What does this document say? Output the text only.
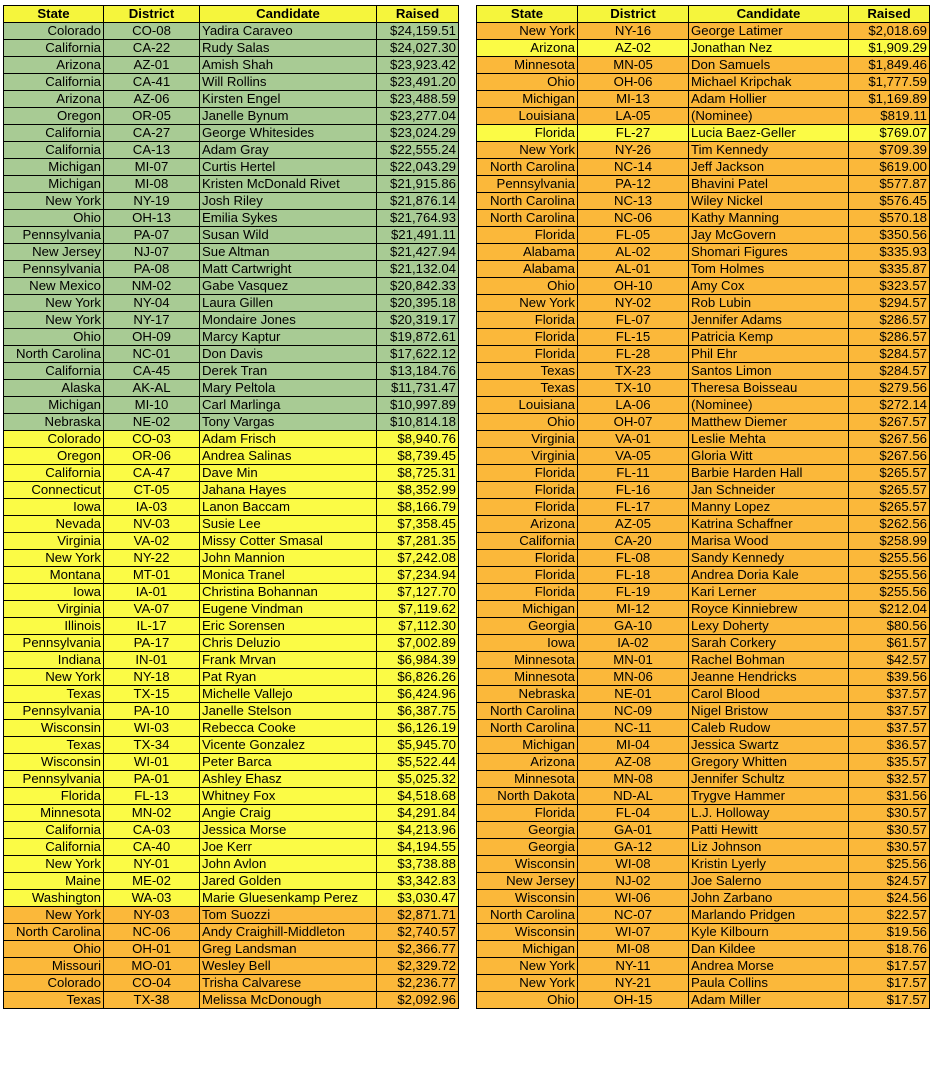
State	District	Candidate	Raised
Colorado	CO-08	Yadira Caraveo	$24,159.51
California	CA-22	Rudy Salas	$24,027.30
Arizona	AZ-01	Amish Shah	$23,923.42
California	CA-41	Will Rollins	$23,491.20
Arizona	AZ-06	Kirsten Engel	$23,488.59
Oregon	OR-05	Janelle Bynum	$23,277.04
California	CA-27	George Whitesides	$23,024.29
California	CA-13	Adam Gray	$22,555.24
Michigan	MI-07	Curtis Hertel	$22,043.29
Michigan	MI-08	Kristen McDonald Rivet	$21,915.86
New York	NY-19	Josh Riley	$21,876.14
Ohio	OH-13	Emilia Sykes	$21,764.93
Pennsylvania	PA-07	Susan Wild	$21,491.11
New Jersey	NJ-07	Sue Altman	$21,427.94
Pennsylvania	PA-08	Matt Cartwright	$21,132.04
New Mexico	NM-02	Gabe Vasquez	$20,842.33
New York	NY-04	Laura Gillen	$20,395.18
New York	NY-17	Mondaire Jones	$20,319.17
Ohio	OH-09	Marcy Kaptur	$19,872.61
North Carolina	NC-01	Don Davis	$17,622.12
California	CA-45	Derek Tran	$13,184.76
Alaska	AK-AL	Mary Peltola	$11,731.47
Michigan	MI-10	Carl Marlinga	$10,997.89
Nebraska	NE-02	Tony Vargas	$10,814.18
Colorado	CO-03	Adam Frisch	$8,940.76
Oregon	OR-06	Andrea Salinas	$8,739.45
California	CA-47	Dave Min	$8,725.31
Connecticut	CT-05	Jahana Hayes	$8,352.99
Iowa	IA-03	Lanon Baccam	$8,166.79
Nevada	NV-03	Susie Lee	$7,358.45
Virginia	VA-02	Missy Cotter Smasal	$7,281.35
New York	NY-22	John Mannion	$7,242.08
Montana	MT-01	Monica Tranel	$7,234.94
Iowa	IA-01	Christina Bohannan	$7,127.70
Virginia	VA-07	Eugene Vindman	$7,119.62
Illinois	IL-17	Eric Sorensen	$7,112.30
Pennsylvania	PA-17	Chris Deluzio	$7,002.89
Indiana	IN-01	Frank Mrvan	$6,984.39
New York	NY-18	Pat Ryan	$6,826.26
Texas	TX-15	Michelle Vallejo	$6,424.96
Pennsylvania	PA-10	Janelle Stelson	$6,387.75
Wisconsin	WI-03	Rebecca Cooke	$6,126.19
Texas	TX-34	Vicente Gonzalez	$5,945.70
Wisconsin	WI-01	Peter Barca	$5,522.44
Pennsylvania	PA-01	Ashley Ehasz	$5,025.32
Florida	FL-13	Whitney Fox	$4,518.68
Minnesota	MN-02	Angie Craig	$4,291.84
California	CA-03	Jessica Morse	$4,213.96
California	CA-40	Joe Kerr	$4,194.55
New York	NY-01	John Avlon	$3,738.88
Maine	ME-02	Jared Golden	$3,342.83
Washington	WA-03	Marie Gluesenkamp Perez	$3,030.47
New York	NY-03	Tom Suozzi	$2,871.71
North Carolina	NC-06	Andy Craighill-Middleton	$2,740.57
Ohio	OH-01	Greg Landsman	$2,366.77
Missouri	MO-01	Wesley Bell	$2,329.72
Colorado	CO-04	Trisha Calvarese	$2,236.77
Texas	TX-38	Melissa McDonough	$2,092.96
State	District	Candidate	Raised
New York	NY-16	George Latimer	$2,018.69
Arizona	AZ-02	Jonathan Nez	$1,909.29
Minnesota	MN-05	Don Samuels	$1,849.46
Ohio	OH-06	Michael Kripchak	$1,777.59
Michigan	MI-13	Adam Hollier	$1,169.89
Louisiana	LA-05	(Nominee)	$819.11
Florida	FL-27	Lucia Baez-Geller	$769.07
New York	NY-26	Tim Kennedy	$709.39
North Carolina	NC-14	Jeff Jackson	$619.00
Pennsylvania	PA-12	Bhavini Patel	$577.87
North Carolina	NC-13	Wiley Nickel	$576.45
North Carolina	NC-06	Kathy Manning	$570.18
Florida	FL-05	Jay McGovern	$350.56
Alabama	AL-02	Shomari Figures	$335.93
Alabama	AL-01	Tom Holmes	$335.87
Ohio	OH-10	Amy Cox	$323.57
New York	NY-02	Rob Lubin	$294.57
Florida	FL-07	Jennifer Adams	$286.57
Florida	FL-15	Patricia Kemp	$286.57
Florida	FL-28	Phil Ehr	$284.57
Texas	TX-23	Santos Limon	$284.57
Texas	TX-10	Theresa Boisseau	$279.56
Louisiana	LA-06	(Nominee)	$272.14
Ohio	OH-07	Matthew Diemer	$267.57
Virginia	VA-01	Leslie Mehta	$267.56
Virginia	VA-05	Gloria Witt	$267.56
Florida	FL-11	Barbie Harden Hall	$265.57
Florida	FL-16	Jan Schneider	$265.57
Florida	FL-17	Manny Lopez	$265.57
Arizona	AZ-05	Katrina Schaffner	$262.56
California	CA-20	Marisa Wood	$258.99
Florida	FL-08	Sandy Kennedy	$255.56
Florida	FL-18	Andrea Doria Kale	$255.56
Florida	FL-19	Kari Lerner	$255.56
Michigan	MI-12	Royce Kinniebrew	$212.04
Georgia	GA-10	Lexy Doherty	$80.56
Iowa	IA-02	Sarah Corkery	$61.57
Minnesota	MN-01	Rachel Bohman	$42.57
Minnesota	MN-06	Jeanne Hendricks	$39.56
Nebraska	NE-01	Carol Blood	$37.57
North Carolina	NC-09	Nigel Bristow	$37.57
North Carolina	NC-11	Caleb Rudow	$37.57
Michigan	MI-04	Jessica Swartz	$36.57
Arizona	AZ-08	Gregory Whitten	$35.57
Minnesota	MN-08	Jennifer Schultz	$32.57
North Dakota	ND-AL	Trygve Hammer	$31.56
Florida	FL-04	L.J. Holloway	$30.57
Georgia	GA-01	Patti Hewitt	$30.57
Georgia	GA-12	Liz Johnson	$30.57
Wisconsin	WI-08	Kristin Lyerly	$25.56
New Jersey	NJ-02	Joe Salerno	$24.57
Wisconsin	WI-06	John Zarbano	$24.56
North Carolina	NC-07	Marlando Pridgen	$22.57
Wisconsin	WI-07	Kyle Kilbourn	$19.56
Michigan	MI-08	Dan Kildee	$18.76
New York	NY-11	Andrea Morse	$17.57
New York	NY-21	Paula Collins	$17.57
Ohio	OH-15	Adam Miller	$17.57
